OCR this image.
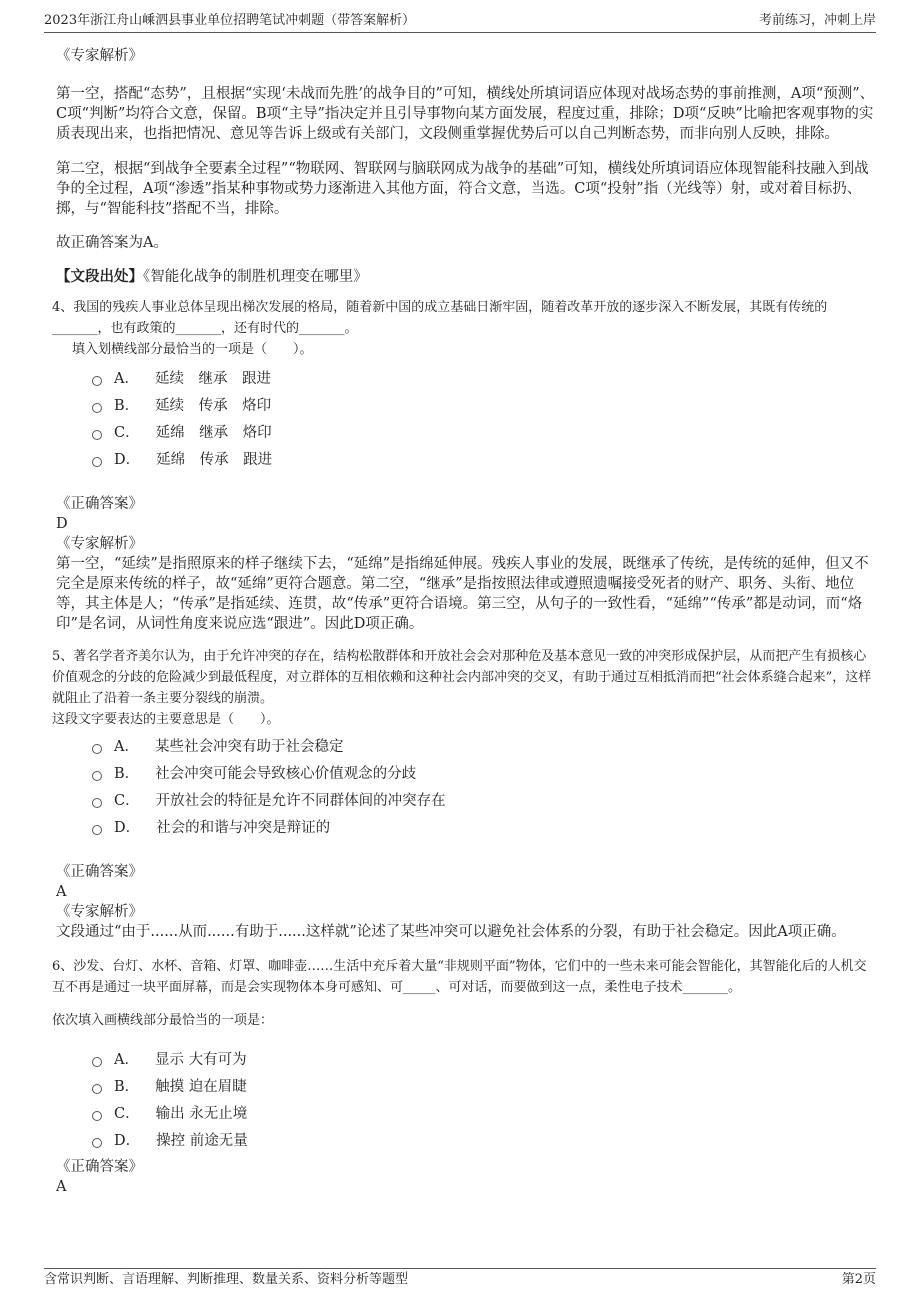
2023年浙江舟山嵊泗县事业单位招聘笔试冲刺题（带答案解析）	考前练习，冲刺上岸
《专家解析》

第一空，搭配“态势”，且根据“实现‘未战而先胜’的战争目的”可知，横线处所填词语应体现对战场态势的事前推测，A项“预测”、C项“判断”均符合文意，保留。B项“主导”指决定并且引导事物向某方面发展，程度过重，排除；D项“反映”比喻把客观事物的实质表现出来，也指把情况、意见等告诉上级或有关部门，文段侧重掌握优势后可以自己判断态势，而非向别人反映，排除。

第二空，根据“到战争全要素全过程”“物联网、智联网与脑联网成为战争的基础”可知，横线处所填词语应体现智能科技融入到战争的全过程，A项“渗透”指某种事物或势力逐渐进入其他方面，符合文意，当选。C项“投射”指（光线等）射，或对着目标扔、掷，与“智能科技”搭配不当，排除。

故正确答案为A。

【文段出处】《智能化战争的制胜机理变在哪里》

4、我国的残疾人事业总体呈现出梯次发展的格局，随着新中国的成立基础日渐牢固，随着改革开放的逐步深入不断发展，其既有传统的
_______，也有政策的_______，还有时代的_______。
填入划横线部分最恰当的一项是（　　）。
A． 延续　继承　跟进
B． 延续　传承　烙印
C． 延绵　继承　烙印
D． 延绵　传承　跟进
《正确答案》
D
《专家解析》

第一空，“延续”是指照原来的样子继续下去，“延绵”是指绵延伸展。残疾人事业的发展，既继承了传统，是传统的延伸，但又不完全是原来传统的样子，故“延绵”更符合题意。第二空，“继承”是指按照法律或遵照遗嘱接受死者的财产、职务、头衔、地位等，其主体是人；“传承”是指延续、连贯，故“传承”更符合语境。第三空，从句子的一致性看，“延绵”“传承”都是动词，而“烙印”是名词，从词性角度来说应选“跟进”。因此D项正确。

5、著名学者齐美尔认为，由于允许冲突的存在，结构松散群体和开放社会会对那种危及基本意见一致的冲突形成保护层，从而把产生有损核心价值观念的分歧的危险减少到最低程度，对立群体的互相依赖和这种社会内部冲突的交叉，有助于通过互相抵消而把“社会体系缝合起来”，这样就阻止了沿着一条主要分裂线的崩溃。
这段文字要表达的主要意思是（　　）。
A． 某些社会冲突有助于社会稳定
B． 社会冲突可能会导致核心价值观念的分歧
C． 开放社会的特征是允许不同群体间的冲突存在
D． 社会的和谐与冲突是辩证的
《正确答案》
A
《专家解析》

文段通过“由于......从而......有助于......这样就”论述了某些冲突可以避免社会体系的分裂，有助于社会稳定。因此A项正确。

6、沙发、台灯、水杯、音箱、灯罩、咖啡壶……生活中充斥着大量“非规则平面”物体，它们中的一些未来可能会智能化，其智能化后的人机交互不再是通过一块平面屏幕，而是会实现物体本身可感知、可_____、可对话，而要做到这一点，柔性电子技术_______。
依次填入画横线部分最恰当的一项是：
A． 显示 大有可为
B． 触摸 迫在眉睫
C． 输出 永无止境
D． 操控 前途无量
《正确答案》
A
含常识判断、言语理解、判断推理、数量关系、资料分析等题型	第2页
